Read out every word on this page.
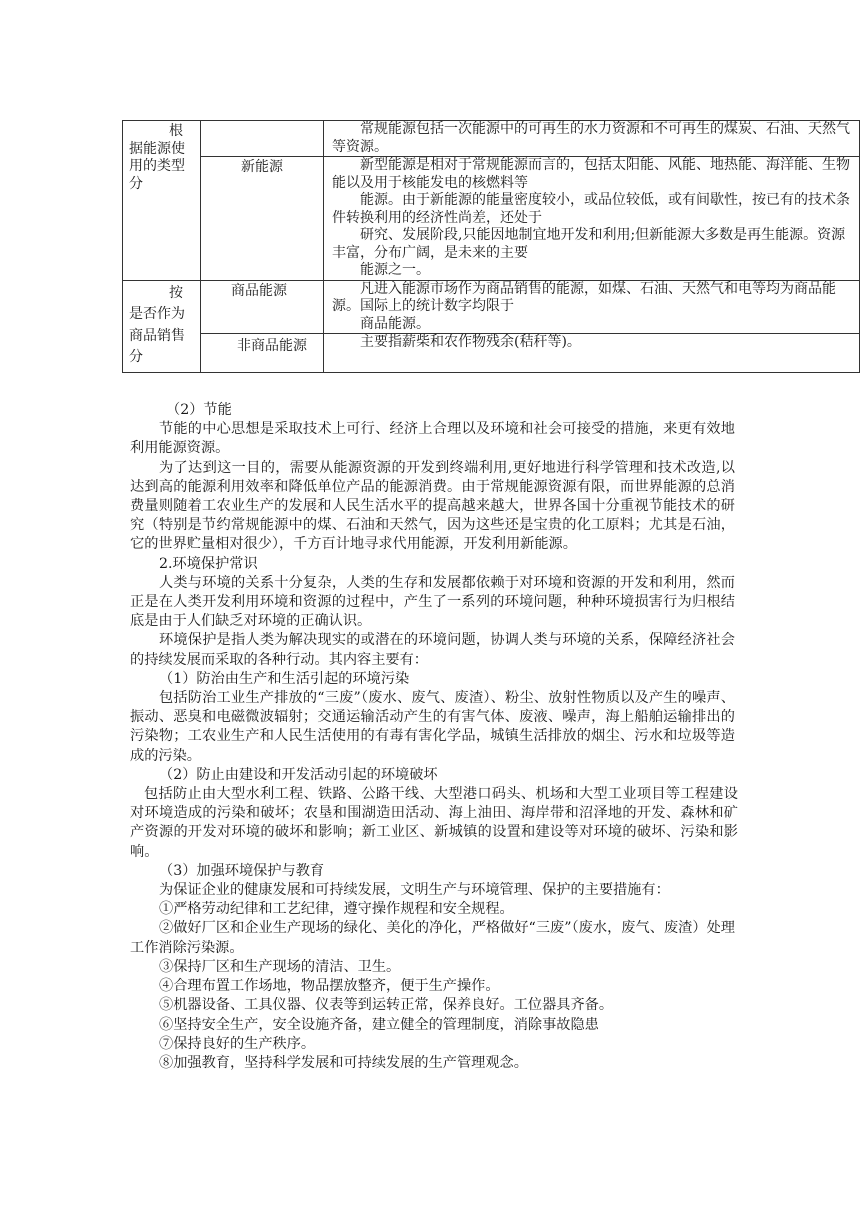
根据能源使用的类型分		常规能源包括一次能源中的可再生的水力资源和不可再生的煤炭、石油、天然气等资源。

	新能源	新型能源是相对于常规能源而言的，包括太阳能、风能、地热能、海洋能、生物能以及用于核能发电的核燃料等

能源。由于新能源的能量密度较小，或品位较低，或有间歇性，按已有的技术条件转换利用的经济性尚差，还处于

研究、发展阶段,只能因地制宜地开发和利用;但新能源大多数是再生能源。资源丰富，分布广阔，是未来的主要

能源之一。

按是否作为商品销售分	商品能源	凡进入能源市场作为商品销售的能源，如煤、石油、天然气和电等均为商品能源。国际上的统计数字均限于

商品能源。

	非商品能源	主要指薪柴和农作物残余(秸秆等)。

（2）节能

节能的中心思想是采取技术上可行、经济上合理以及环境和社会可接受的措施，来更有效地利用能源资源。

为了达到这一目的，需要从能源资源的开发到终端利用,更好地进行科学管理和技术改造,以达到高的能源利用效率和降低单位产品的能源消费。由于常规能源资源有限，而世界能源的总消费量则随着工农业生产的发展和人民生活水平的提高越来越大，世界各国十分重视节能技术的研究（特别是节约常规能源中的煤、石油和天然气，因为这些还是宝贵的化工原料；尤其是石油，它的世界贮量相对很少），千方百计地寻求代用能源，开发利用新能源。

2.环境保护常识

人类与环境的关系十分复杂，人类的生存和发展都依赖于对环境和资源的开发和利用，然而正是在人类开发利用环境和资源的过程中，产生了一系列的环境问题，种种环境损害行为归根结底是由于人们缺乏对环境的正确认识。

环境保护是指人类为解决现实的或潜在的环境问题，协调人类与环境的关系，保障经济社会的持续发展而采取的各种行动。其内容主要有：

（1）防治由生产和生活引起的环境污染

包括防治工业生产排放的“三废”（废水、废气、废渣）、粉尘、放射性物质以及产生的噪声、振动、恶臭和电磁微波辐射；交通运输活动产生的有害气体、废液、噪声，海上船舶运输排出的污染物；工农业生产和人民生活使用的有毒有害化学品，城镇生活排放的烟尘、污水和垃圾等造成的污染。

（2）防止由建设和开发活动引起的环境破坏

包括防止由大型水利工程、铁路、公路干线、大型港口码头、机场和大型工业项目等工程建设对环境造成的污染和破坏；农垦和围湖造田活动、海上油田、海岸带和沼泽地的开发、森林和矿产资源的开发对环境的破坏和影响；新工业区、新城镇的设置和建设等对环境的破坏、污染和影响。

（3）加强环境保护与教育

为保证企业的健康发展和可持续发展，文明生产与环境管理、保护的主要措施有：

①严格劳动纪律和工艺纪律，遵守操作规程和安全规程。

②做好厂区和企业生产现场的绿化、美化的净化，严格做好“三废”（废水，废气、废渣）处理工作消除污染源。

③保持厂区和生产现场的清洁、卫生。

④合理布置工作场地，物品摆放整齐，便于生产操作。

⑤机器设备、工具仪器、仪表等到运转正常，保养良好。工位器具齐备。

⑥坚持安全生产，安全设施齐备，建立健全的管理制度，消除事故隐患

⑦保持良好的生产秩序。

⑧加强教育，坚持科学发展和可持续发展的生产管理观念。
